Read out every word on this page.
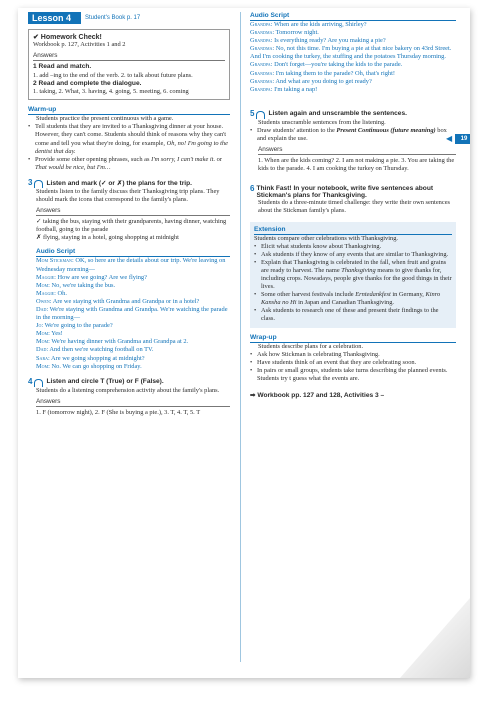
Lesson 4	Student's Book p. 17
✔ Homework Check!
Workbook p. 127, Activities 1 and 2
Answers
1 Read and match.
1. add –ing to the end of the verb. 2. to talk about future plans.
2 Read and complete the dialogue.
1. taking, 2. What, 3. having, 4. going, 5. meeting, 6. coming
Warm-up
Students practice the present continuous with a game.
• Tell students that they are invited to a Thanksgiving dinner at your house. However, they can't come. Students should think of reasons why they can't come and tell you what they're doing, for example, Oh, no! I'm going to the dentist that day.
• Provide some other opening phrases, such as I'm sorry, I can't make it. or That would be nice, but I'm…
3 Listen and mark (✓ or ✗) the plans for the trip.
Students listen to the family discuss their Thanksgiving trip plans. They should mark the icons that correspond to the family's plans.
Answers
✓ taking the bus, staying with their grandparents, having dinner, watching football, going to the parade
✗ flying, staying in a hotel, going shopping at midnight
Audio Script
Mom Stickman: OK, so here are the details about our trip. We're leaving on Wednesday morning—
Maggie: How are we going? Are we flying?
Mom: No, we're taking the bus.
Maggie: Oh.
Owen: Are we staying with Grandma and Grandpa or in a hotel?
Dad: We're staying with Grandma and Grandpa. We're watching the parade in the morning—
Jo: We're going to the parade?
Mom: Yes!
Mom: We're having dinner with Grandma and Grandpa at 2.
Dad: And then we're watching football on TV.
Sara: Are we going shopping at midnight?
Mom: No. We can go shopping on Friday.
4 Listen and circle T (True) or F (False).
Students do a listening comprehension activity about the family's plans.
Answers
1. F (tomorrow night), 2. F (She is buying a pie.), 3. T, 4. T, 5. T
Audio Script
Grandpa: When are the kids arriving, Shirley?
Grandma: Tomorrow night.
Grandpa: Is everything ready? Are you making a pie?
Grandma: No, not this time. I'm buying a pie at that nice bakery on 43rd Street. And I'm cooking the turkey, the stuffing and the potatoes Thursday morning.
Grandpa: Don't forget—you're taking the kids to the parade.
Grandma: I'm taking them to the parade? Oh, that's right!
Grandma: And what are you doing to get ready?
Grandpa: I'm taking a nap!
5 Listen again and unscramble the sentences.
Students unscramble sentences from the listening.
• Draw students' attention to the Present Continuous (future meaning) box and explain the use.
Answers
1. When are the kids coming? 2. I am not making a pie. 3. You are taking the kids to the parade. 4. I am cooking the turkey on Thursday.
6 Think Fast! In your notebook, write five sentences about Stickman's plans for Thanksgiving.
Students do a three-minute timed challenge: they write their own sentences about the Stickman family's plans.
Extension
Students compare other celebrations with Thanksgiving.
• Elicit what students know about Thanksgiving.
• Ask students if they know of any events that are similar to Thanksgiving.
• Explain that Thanksgiving is celebrated in the fall, when fruit and grains are ready to harvest. The name Thanksgiving means to give thanks for, including crops. Nowadays, people give thanks for the good things in their lives.
• Some other harvest festivals include Erntedankfest in Germany, Kinro Kansha no Hi in Japan and Canadian Thanksgiving.
• Ask students to research one of these and present their findings to the class.
Wrap-up
Students describe plans for a celebration.
• Ask how Stickman is celebrating Thanksgiving.
• Have students think of an event that they are celebrating soon.
• In pairs or small groups, students take turns describing the planned events. Students try t guess what the events are.
➡ Workbook pp. 127 and 128, Activities 3 –
◀	19
